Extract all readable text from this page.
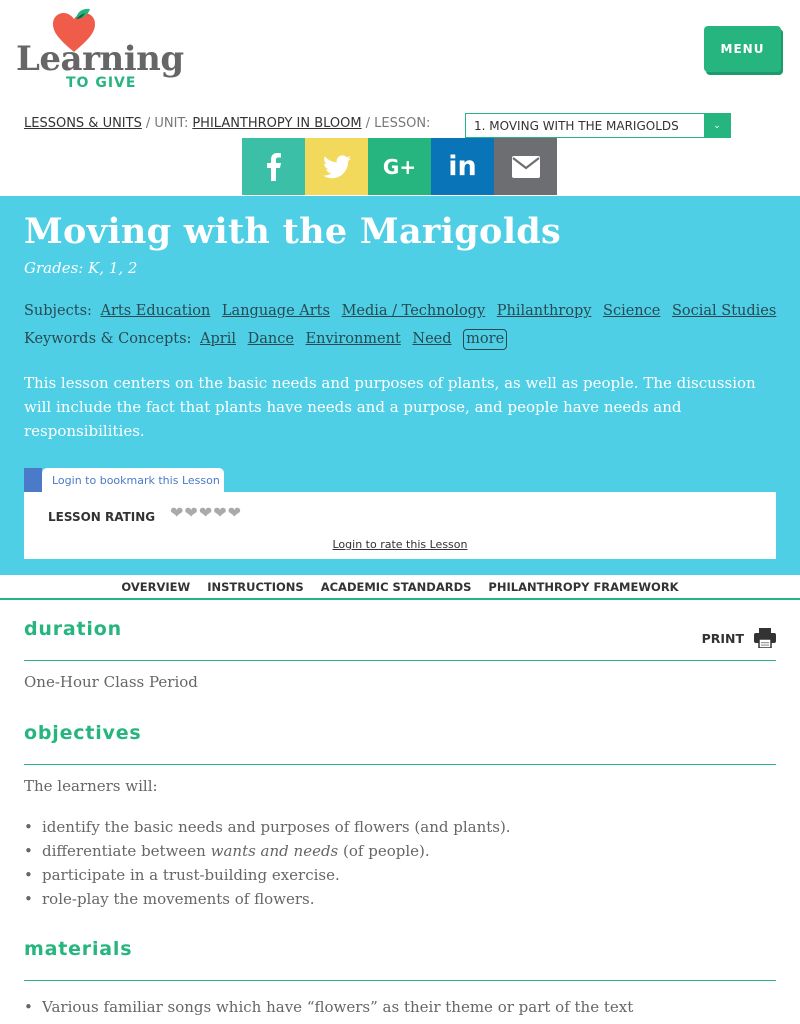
Learning
TO GIVE
MENU
LESSONS & UNITS / UNIT: PHILANTHROPY IN BLOOM / LESSON:	1. MOVING WITH THE MARIGOLDS	⌄
G+ in
Moving with the Marigolds
Grades: K, 1, 2
Subjects: Arts Education Language Arts Media / Technology Philanthropy Science Social Studies
Keywords & Concepts: April Dance Environment Need more

This lesson centers on the basic needs and purposes of plants, as well as people. The discussion will include the fact that plants have needs and a purpose, and people have needs and responsibilities.

Login to bookmark this Lesson
LESSON RATING ❤ ❤ ❤ ❤ ❤
Login to rate this Lesson
OVERVIEW INSTRUCTIONS ACADEMIC STANDARDS PHILANTHROPY FRAMEWORK
duration	PRINT
One-Hour Class Period
objectives
The learners will:
• identify the basic needs and purposes of flowers (and plants).
• differentiate between wants and needs (of people).
• participate in a trust-building exercise.
• role-play the movements of flowers.
materials
• Various familiar songs which have “flowers” as their theme or part of the text
